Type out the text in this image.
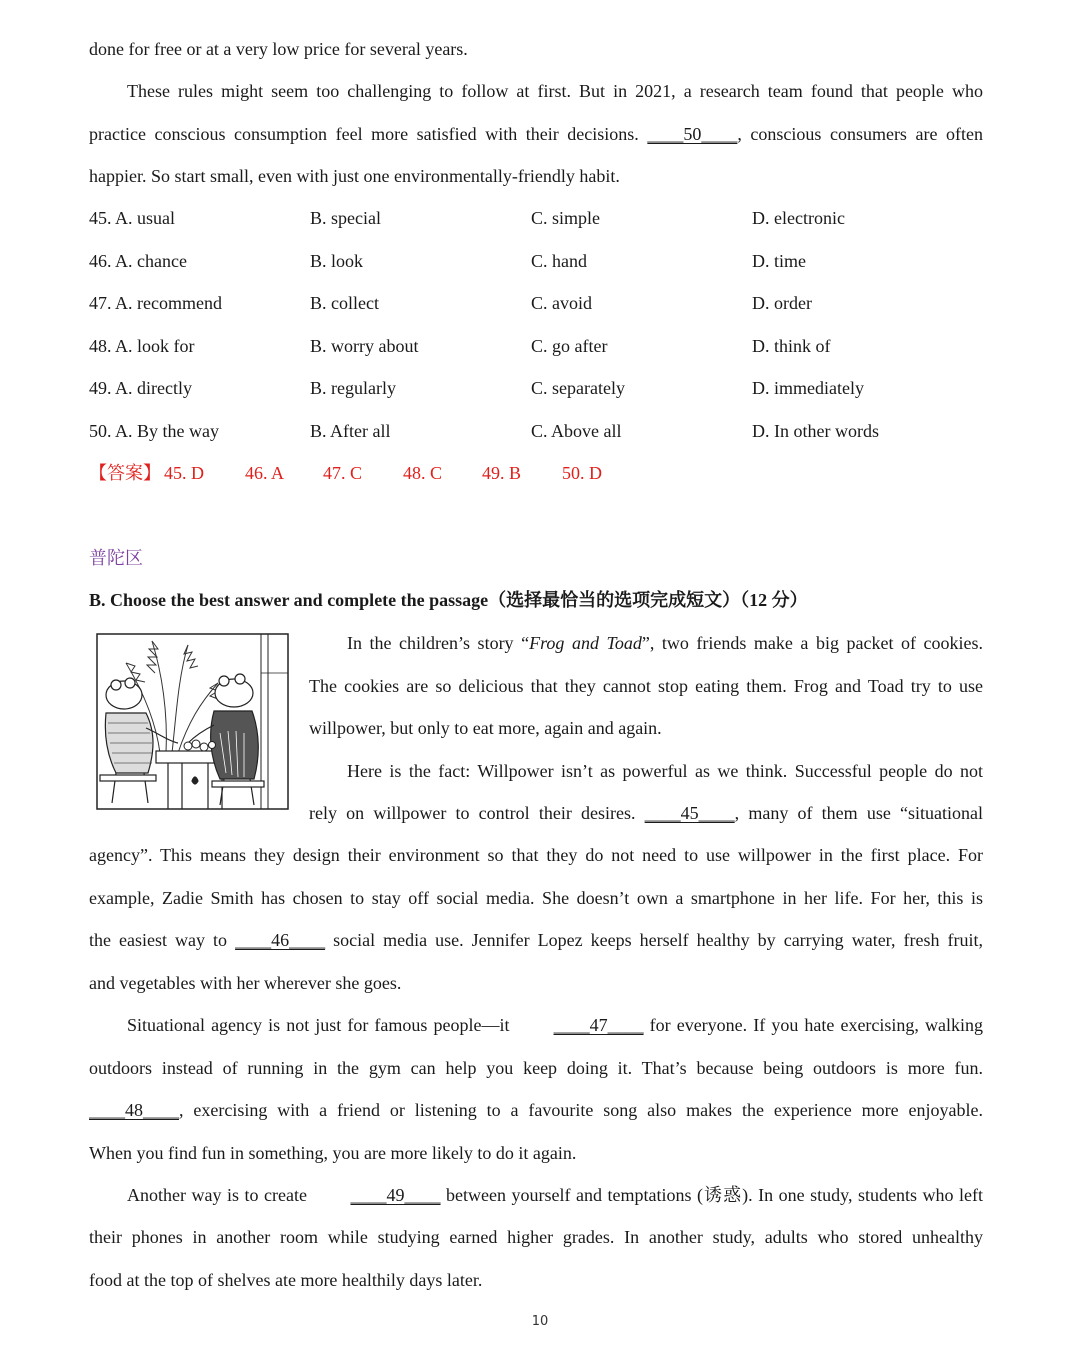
done for free or at a very low price for several years.
These rules might seem too challenging to follow at first. But in 2021, a research team found that people who
practice conscious consumption feel more satisfied with their decisions. ____50____, conscious consumers are often
happier. So start small, even with just one environmentally-friendly habit.
45. A. usual	B. special	C. simple	D. electronic
46. A. chance	B. look	C. hand	D. time
47. A. recommend	B. collect	C. avoid	D. order
48. A. look for	B. worry about	C. go after	D. think of
49. A. directly	B. regularly	C. separately	D. immediately
50. A. By the way	B. After all	C. Above all	D. In other words
【答案】 45. D 46. A 47. C 48. C 49. B 50. D
普陀区
B. Choose the best answer and complete the passage（选择最恰当的选项完成短文）（12 分）
In the children’s story “Frog and Toad”, two friends make a big packet of cookies.
The cookies are so delicious that they cannot stop eating them. Frog and Toad try to use
willpower, but only to eat more, again and again.
Here is the fact: Willpower isn’t as powerful as we think. Successful people do not
rely on willpower to control their desires. ____45____, many of them use “situational
agency”. This means they design their environment so that they do not need to use willpower in the first place. For
example, Zadie Smith has chosen to stay off social media. She doesn’t own a smartphone in her life. For her, this is
the easiest way to ____46____ social media use. Jennifer Lopez keeps herself healthy by carrying water, fresh fruit,
and vegetables with her wherever she goes.
Situational agency is not just for famous people—it ____47____ for everyone. If you hate exercising, walking
outdoors instead of running in the gym can help you keep doing it. That’s because being outdoors is more fun.
____48____, exercising with a friend or listening to a favourite song also makes the experience more enjoyable.
When you find fun in something, you are more likely to do it again.
Another way is to create ____49____ between yourself and temptations (诱惑). In one study, students who left
their phones in another room while studying earned higher grades. In another study, adults who stored unhealthy
food at the top of shelves ate more healthily days later.
10
